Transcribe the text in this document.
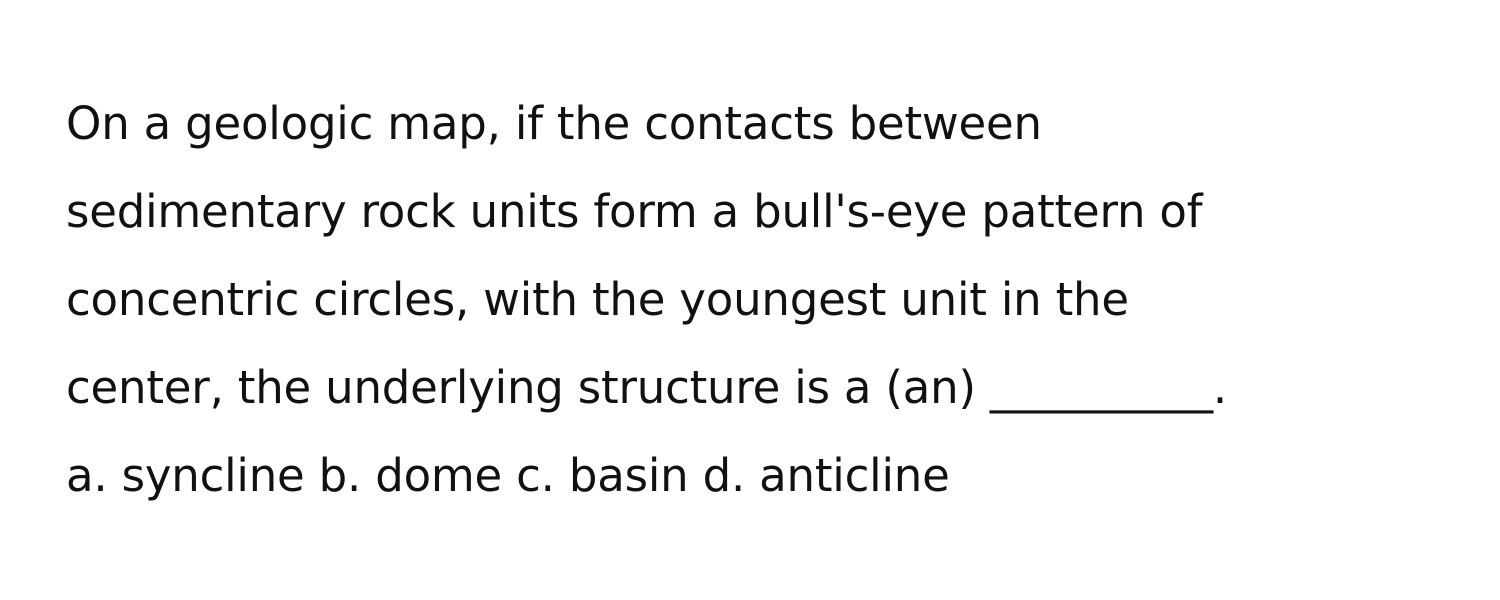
On a geologic map, if the contacts between
sedimentary rock units form a bull's-eye pattern of
concentric circles, with the youngest unit in the
center, the underlying structure is a (an) __________.
a. syncline b. dome c. basin d. anticline
